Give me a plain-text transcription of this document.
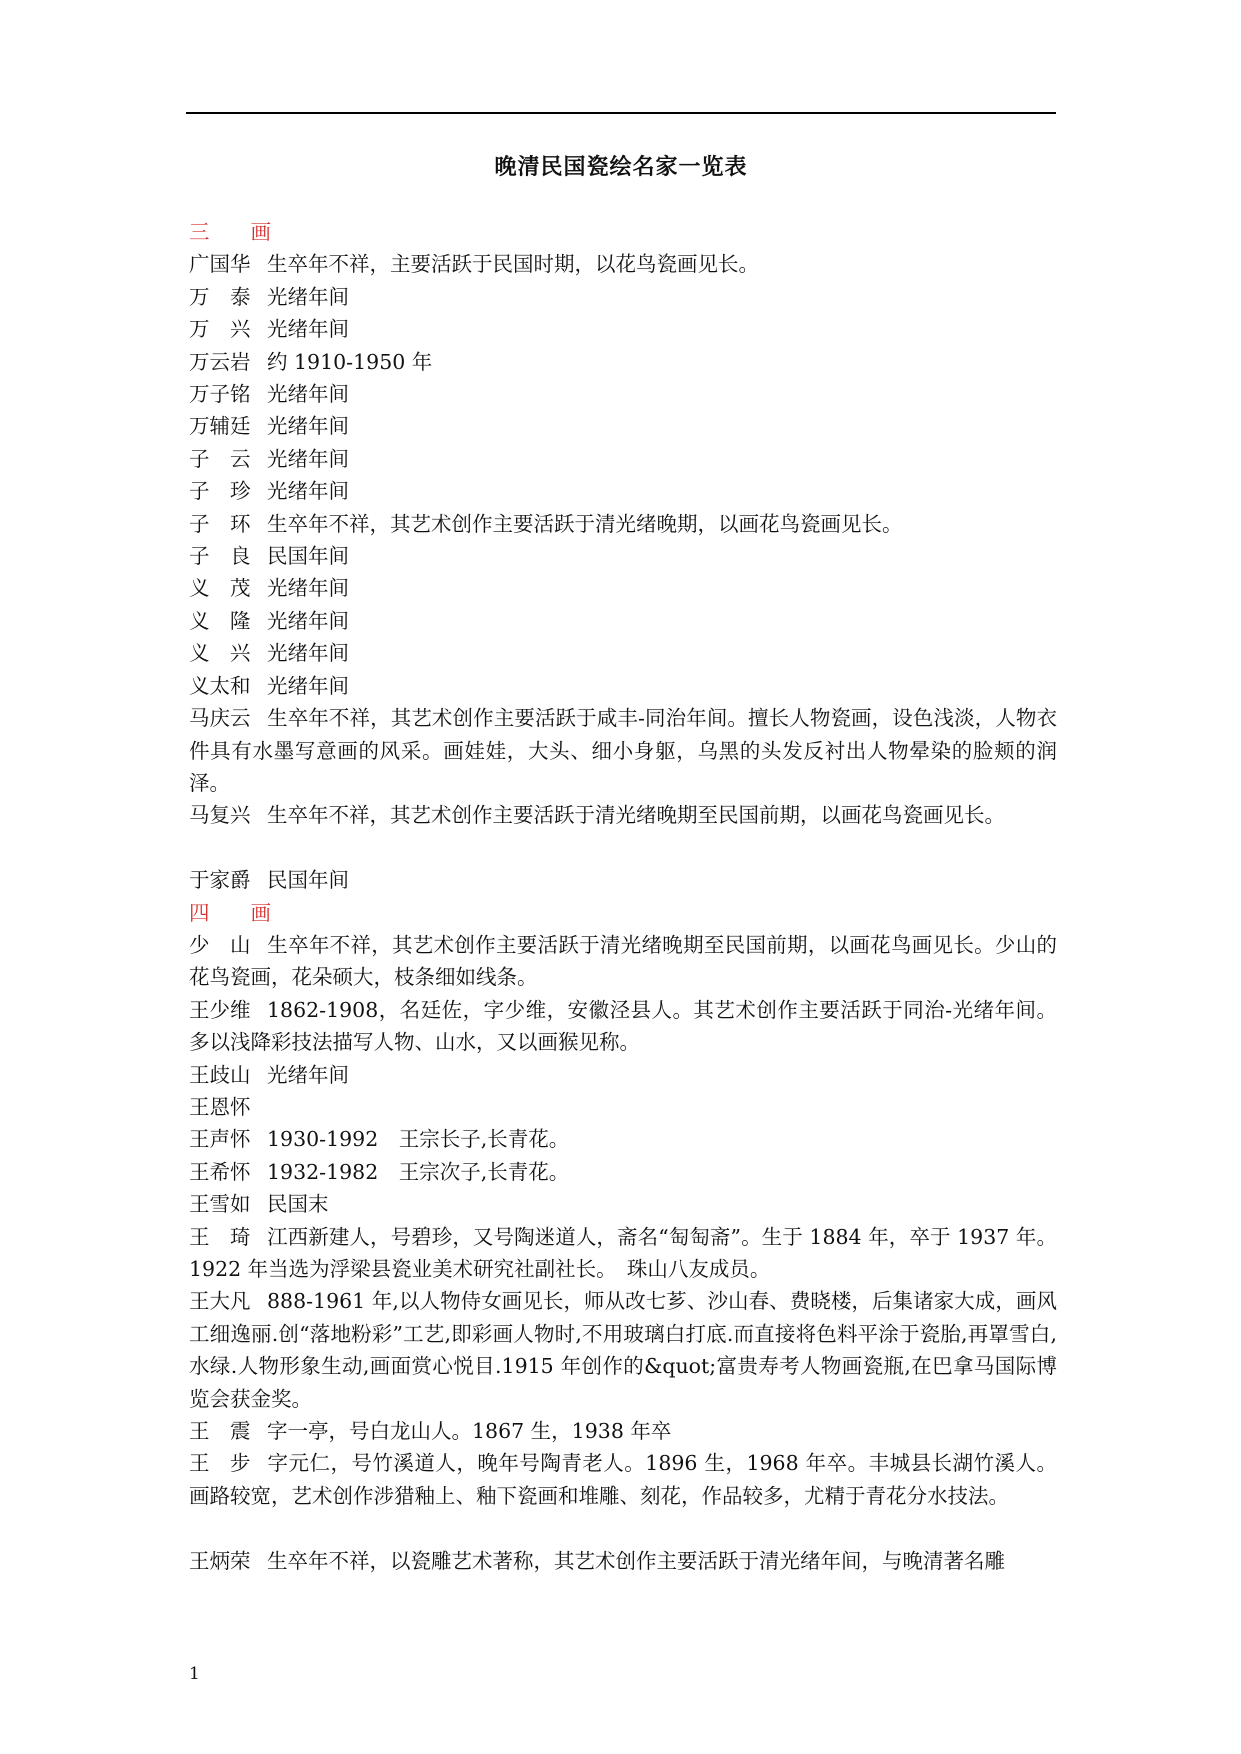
晚清民国瓷绘名家一览表
三　　画
广国华 生卒年不祥，主要活跃于民国时期，以花鸟瓷画见长。
万　泰 光绪年间
万　兴 光绪年间
万云岩 约 1910-1950 年
万子铭 光绪年间
万辅廷 光绪年间
子　云 光绪年间
子　珍 光绪年间
子　环 生卒年不祥，其艺术创作主要活跃于清光绪晚期，以画花鸟瓷画见长。
子　良 民国年间
义　茂 光绪年间
义　隆 光绪年间
义　兴 光绪年间
义太和 光绪年间
马庆云 生卒年不祥，其艺术创作主要活跃于咸丰-同治年间。擅长人物瓷画，设色浅淡，人物衣件具有水墨写意画的风采。画娃娃，大头、细小身躯，乌黑的头发反衬出人物晕染的脸颊的润泽。
马复兴 生卒年不祥，其艺术创作主要活跃于清光绪晚期至民国前期，以画花鸟瓷画见长。
于家爵 民国年间
四　　画
少　山 生卒年不祥，其艺术创作主要活跃于清光绪晚期至民国前期，以画花鸟画见长。少山的花鸟瓷画，花朵硕大，枝条细如线条。
王少维 1862-1908，名廷佐，字少维，安徽泾县人。其艺术创作主要活跃于同治-光绪年间。多以浅降彩技法描写人物、山水，又以画猴见称。
王歧山 光绪年间
王恩怀
王声怀 1930-1992　王宗长子,长青花。
王希怀 1932-1982　王宗次子,长青花。
王雪如 民国末
王　琦 江西新建人，号碧珍，又号陶迷道人，斋名“匋匋斋”。生于 1884 年，卒于 1937 年。1922 年当选为浮梁县瓷业美术研究社副社长。　珠山八友成员。
王大凡 888-1961 年,以人物侍女画见长，师从改七芗、沙山春、费晓楼，后集诸家大成，画风工细逸丽.创“落地粉彩”工艺,即彩画人物时,不用玻璃白打底.而直接将色料平涂于瓷胎,再罩雪白,水绿.人物形象生动,画面赏心悦目.1915 年创作的&quot;富贵寿考人物画瓷瓶,在巴拿马国际博览会获金奖。
王　震 字一亭，号白龙山人。1867 生，1938 年卒
王　步 字元仁，号竹溪道人，晚年号陶青老人。1896 生，1968 年卒。丰城县长湖竹溪人。画路较宽，艺术创作涉猎釉上、釉下瓷画和堆雕、刻花，作品较多，尤精于青花分水技法。
王炳荣 生卒年不祥，以瓷雕艺术著称，其艺术创作主要活跃于清光绪年间，与晚清著名雕
1
